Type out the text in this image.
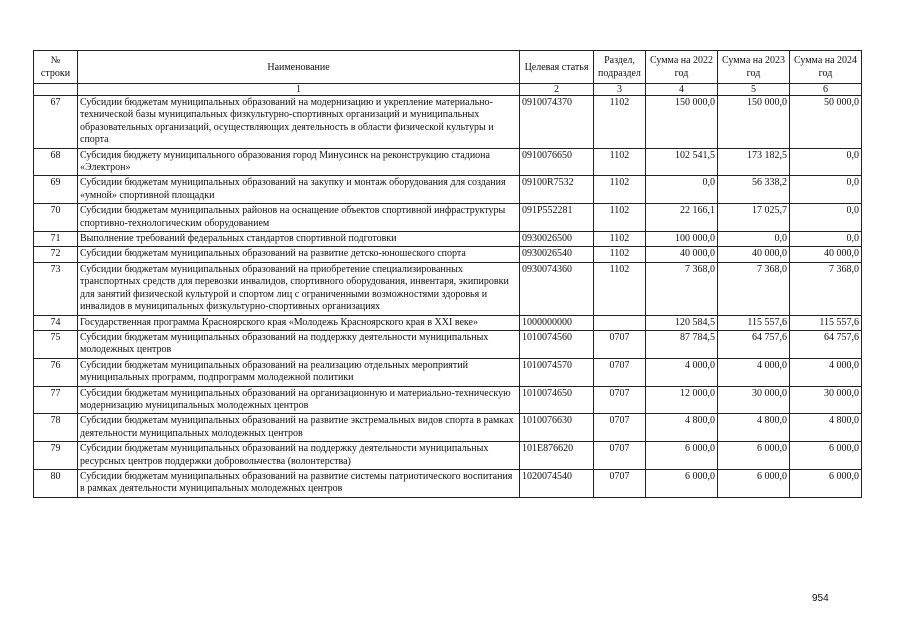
№ строки	Наименование	Целевая статья	Раздел, подраздел	Сумма на 2022 год	Сумма на 2023 год	Сумма на 2024 год
	1	2	3	4	5	6
67	Субсидии бюджетам муниципальных образований на модернизацию и укрепление материально-технической базы муниципальных физкультурно-спортивных организаций и муниципальных образовательных организаций, осуществляющих деятельность в области физической культуры и спорта	0910074370	1102	150 000,0	150 000,0	50 000,0
68	Субсидия бюджету муниципального образования город Минусинск на реконструкцию стадиона «Электрон»	0910076650	1102	102 541,5	173 182,5	0,0
69	Субсидии бюджетам муниципальных образований на закупку и монтаж оборудования для создания «умной» спортивной площадки	09100R7532	1102	0,0	56 338,2	0,0
70	Субсидии бюджетам муниципальных районов на оснащение объектов спортивной инфраструктуры спортивно-технологическим оборудованием	091P552281	1102	22 166,1	17 025,7	0,0
71	Выполнение требований федеральных стандартов спортивной подготовки	0930026500	1102	100 000,0	0,0	0,0
72	Субсидии бюджетам муниципальных образований на развитие детско-юношеского спорта	0930026540	1102	40 000,0	40 000,0	40 000,0
73	Субсидии бюджетам муниципальных образований на приобретение специализированных транспортных средств для перевозки инвалидов, спортивного оборудования, инвентаря, экипировки для занятий физической культурой и спортом лиц с ограниченными возможностями здоровья и инвалидов в муниципальных физкультурно-спортивных организациях	0930074360	1102	7 368,0	7 368,0	7 368,0
74	Государственная программа Красноярского края «Молодежь Красноярского края в XXI веке»	1000000000		120 584,5	115 557,6	115 557,6
75	Субсидии бюджетам муниципальных образований на поддержку деятельности муниципальных молодежных центров	1010074560	0707	87 784,5	64 757,6	64 757,6
76	Субсидии бюджетам муниципальных образований на реализацию отдельных мероприятий муниципальных программ, подпрограмм молодежной политики	1010074570	0707	4 000,0	4 000,0	4 000,0
77	Субсидии бюджетам муниципальных образований на организационную и материально-техническую модернизацию муниципальных молодежных центров	1010074650	0707	12 000,0	30 000,0	30 000,0
78	Субсидии бюджетам муниципальных образований на развитие экстремальных видов спорта в рамках деятельности муниципальных молодежных центров	1010076630	0707	4 800,0	4 800,0	4 800,0
79	Субсидии бюджетам муниципальных образований на поддержку деятельности муниципальных ресурсных центров поддержки добровольчества (волонтерства)	101E876620	0707	6 000,0	6 000,0	6 000,0
80	Субсидии бюджетам муниципальных образований на развитие системы патриотического воспитания в рамках деятельности муниципальных молодежных центров	1020074540	0707	6 000,0	6 000,0	6 000,0
954
